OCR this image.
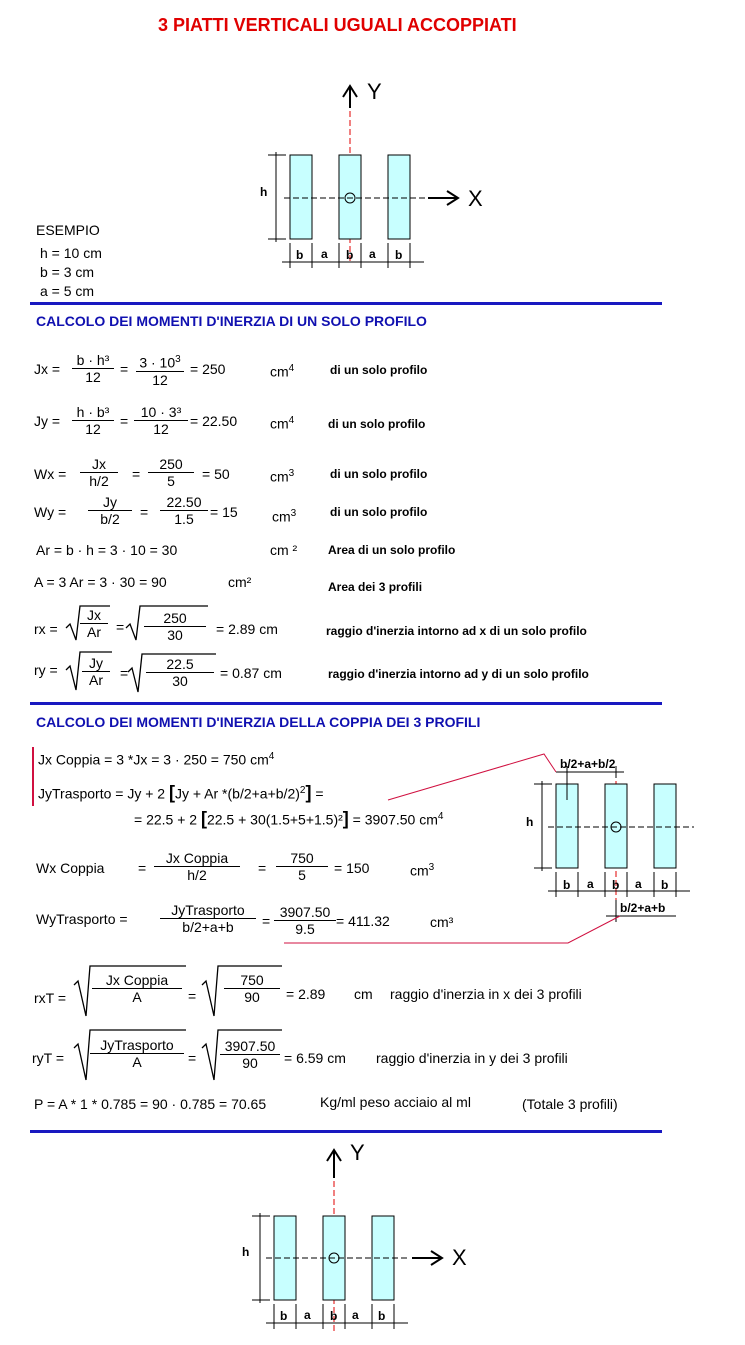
3 PIATTI VERTICALI UGUALI ACCOPPIATI
Y
X
h
b a b a b
ESEMPIO
h = 10 cm
b = 3 cm
a = 5 cm
CALCOLO DEI MOMENTI D'INERZIA DI UN SOLO PROFILO
$Jx = \frac{\text{b · h³}}{12} = \frac{3 \cdot 10^3}{12} = 250$	$cm^4$	di un solo profilo
$Jy = \frac{\text{h · b³}}{12} = \frac{\text{10 · 3³}}{12} = 22.50$ $cm^4$	di un solo profilo
$Wx = \frac{Jx}{h/2} = \frac{250}{5} = 50$	$cm^3$	di un solo profilo
$Wy = \frac{Jy}{b/2} = \frac{22.50}{1.5} = 15$ $cm^3$	di un solo profilo
Ar = b · h = 3 · 10 = 30	cm ²	Area di un solo profilo
A = 3 Ar = 3 · 30 = 90	cm²	Area dei 3 profili
rx = $\frac{Jx}{Ar} = \frac{250}{30} = 2.89$ cm	raggio d'inerzia intorno ad x di un solo profilo
ry = $\frac{Jy}{Ar} = \frac{22.5}{30} = 0.87$ cm	raggio d'inerzia intorno ad y di un solo profilo
CALCOLO DEI MOMENTI D'INERZIA DELLA COPPIA DEI 3 PROFILI
Jx Coppia = 3 *Jx = 3 · 250 = 750 $cm^4$
JyTrasporto = Jy + 2 [Jy + Ar $*(b/2+a+b/2)^2$] =
= 22.5 + 2 [22.5 + 30(1.5+5+1.5)²] = 3907.50 $cm^4$
b/2+a+b/2
h
b a b a b
b/2+a+b
Wx Coppia =
Jx Coppia
h/2	= $\frac{750}{5} = 150$	$cm^3$
WyTrasporto =
JyTrasporto
b/2+a+b	= $\frac{3907.50}{9.5} = 411.32$	cm³
rxT =
Jx Coppia
A	= $\frac{750}{90} = 2.89$ cm raggio d'inerzia in x dei 3 profili
ryT =
JyTrasporto
A	= $\frac{3907.50}{90} = 6.59$ cm raggio d'inerzia in y dei 3 profili
P = A * 1 * 0.785 = 90 · 0.785 = 70.65	Kg/ml peso acciaio al ml	(Totale 3 profili)
Y
X
h
b a b a b
